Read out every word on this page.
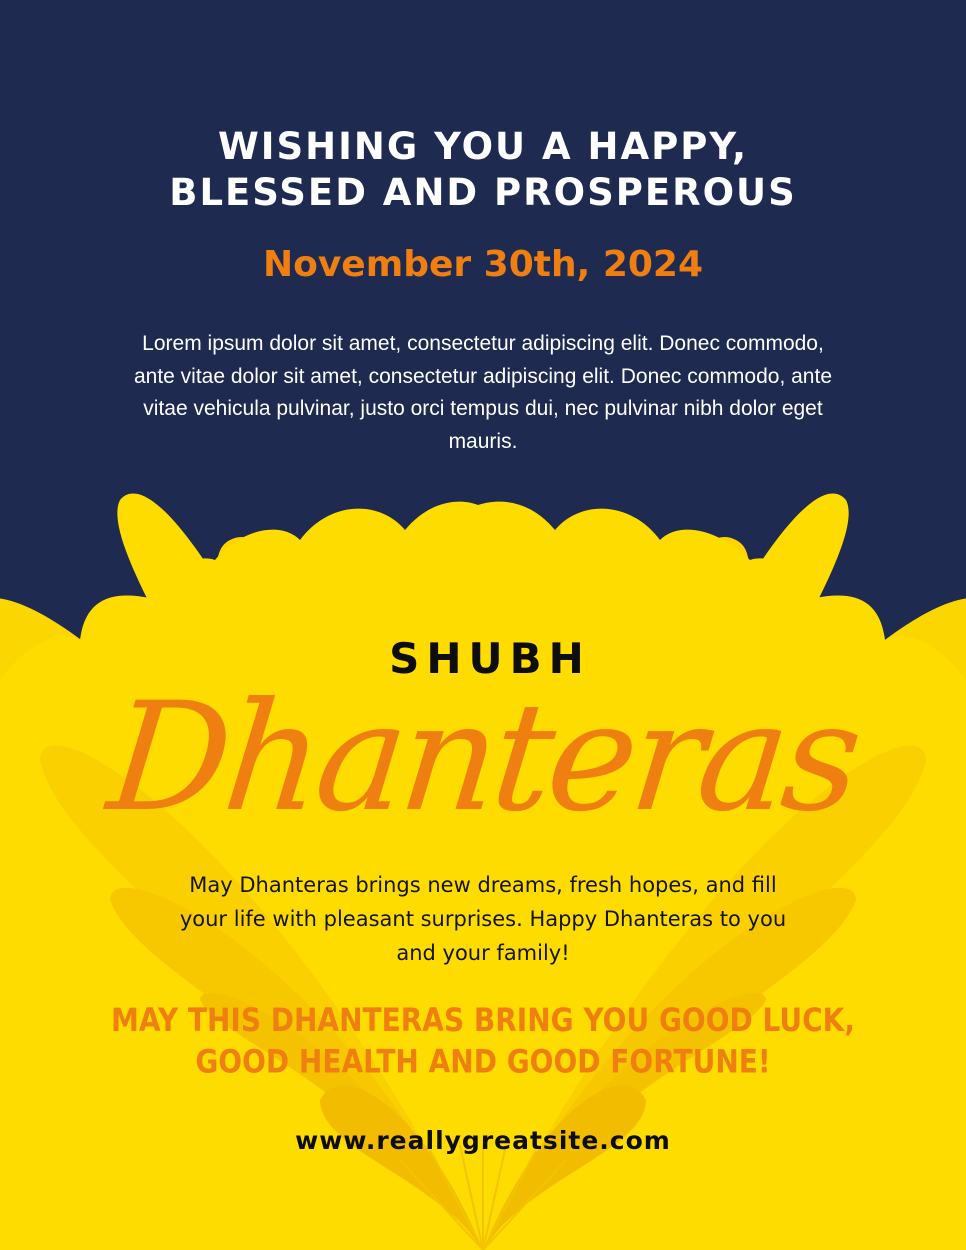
WISHING YOU A HAPPY,
BLESSED AND PROSPEROUS
November 30th, 2024

Lorem ipsum dolor sit amet, consectetur adipiscing elit. Donec commodo, ante vitae dolor sit amet, consectetur adipiscing elit. Donec commodo, ante vitae vehicula pulvinar, justo orci tempus dui, nec pulvinar nibh dolor eget mauris.

Dhanteras
SHUBH

May Dhanteras brings new dreams, fresh hopes, and fill your life with pleasant surprises. Happy Dhanteras to you and your family!

MAY THIS DHANTERAS BRING YOU GOOD LUCK,
GOOD HEALTH AND GOOD FORTUNE!
www.reallygreatsite.com
